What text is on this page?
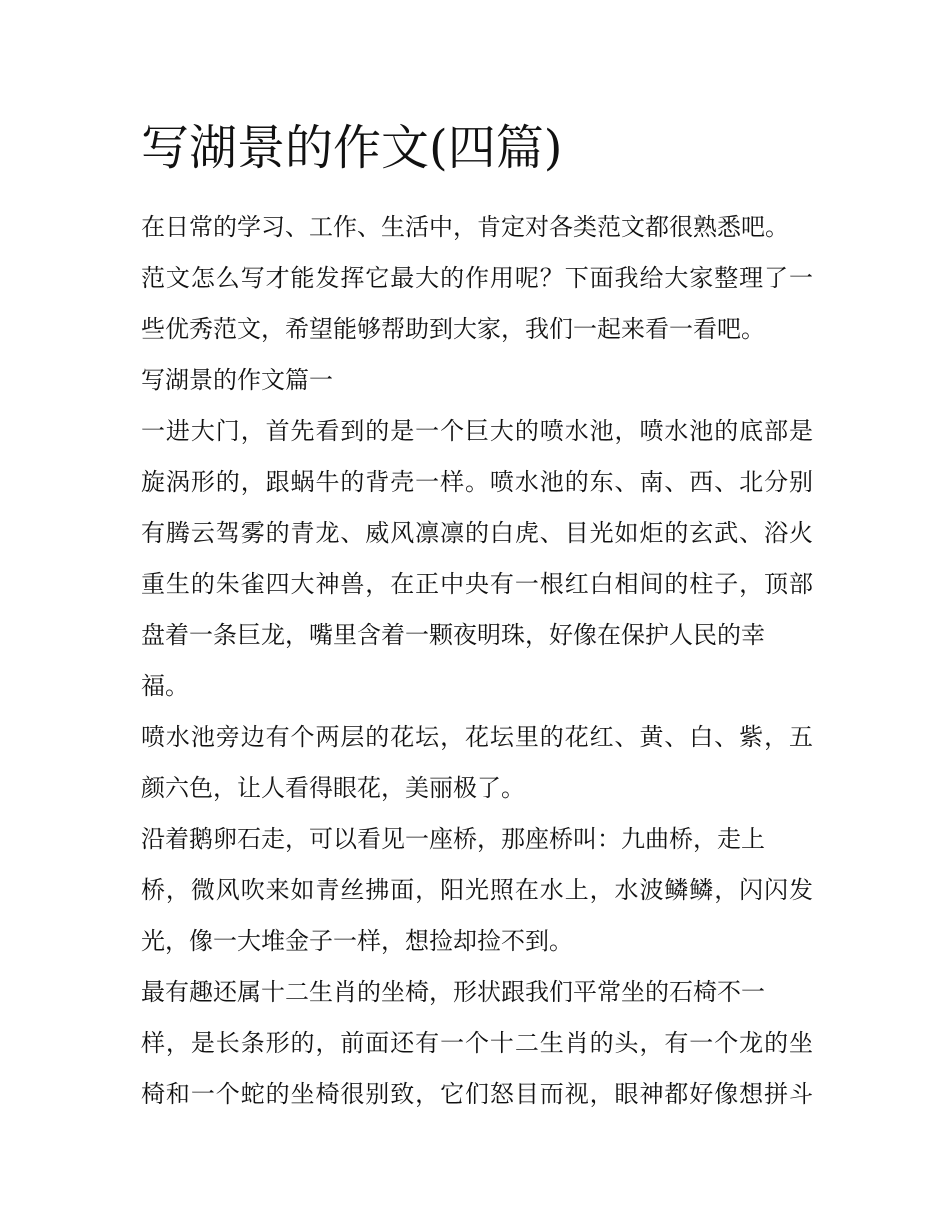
写湖景的作文(四篇)
在日常的学习、工作、生活中，肯定对各类范文都很熟悉吧。
范文怎么写才能发挥它最大的作用呢？下面我给大家整理了一
些优秀范文，希望能够帮助到大家，我们一起来看一看吧。
写湖景的作文篇一
一进大门，首先看到的是一个巨大的喷水池，喷水池的底部是
旋涡形的，跟蜗牛的背壳一样。喷水池的东、南、西、北分别
有腾云驾雾的青龙、威风凛凛的白虎、目光如炬的玄武、浴火
重生的朱雀四大神兽，在正中央有一根红白相间的柱子，顶部
盘着一条巨龙，嘴里含着一颗夜明珠，好像在保护人民的幸
福。
喷水池旁边有个两层的花坛，花坛里的花红、黄、白、紫，五
颜六色，让人看得眼花，美丽极了。
沿着鹅卵石走，可以看见一座桥，那座桥叫：九曲桥，走上
桥，微风吹来如青丝拂面，阳光照在水上，水波鳞鳞，闪闪发
光，像一大堆金子一样，想捡却捡不到。
最有趣还属十二生肖的坐椅，形状跟我们平常坐的石椅不一
样，是长条形的，前面还有一个十二生肖的头，有一个龙的坐
椅和一个蛇的坐椅很别致，它们怒目而视，眼神都好像想拼斗
